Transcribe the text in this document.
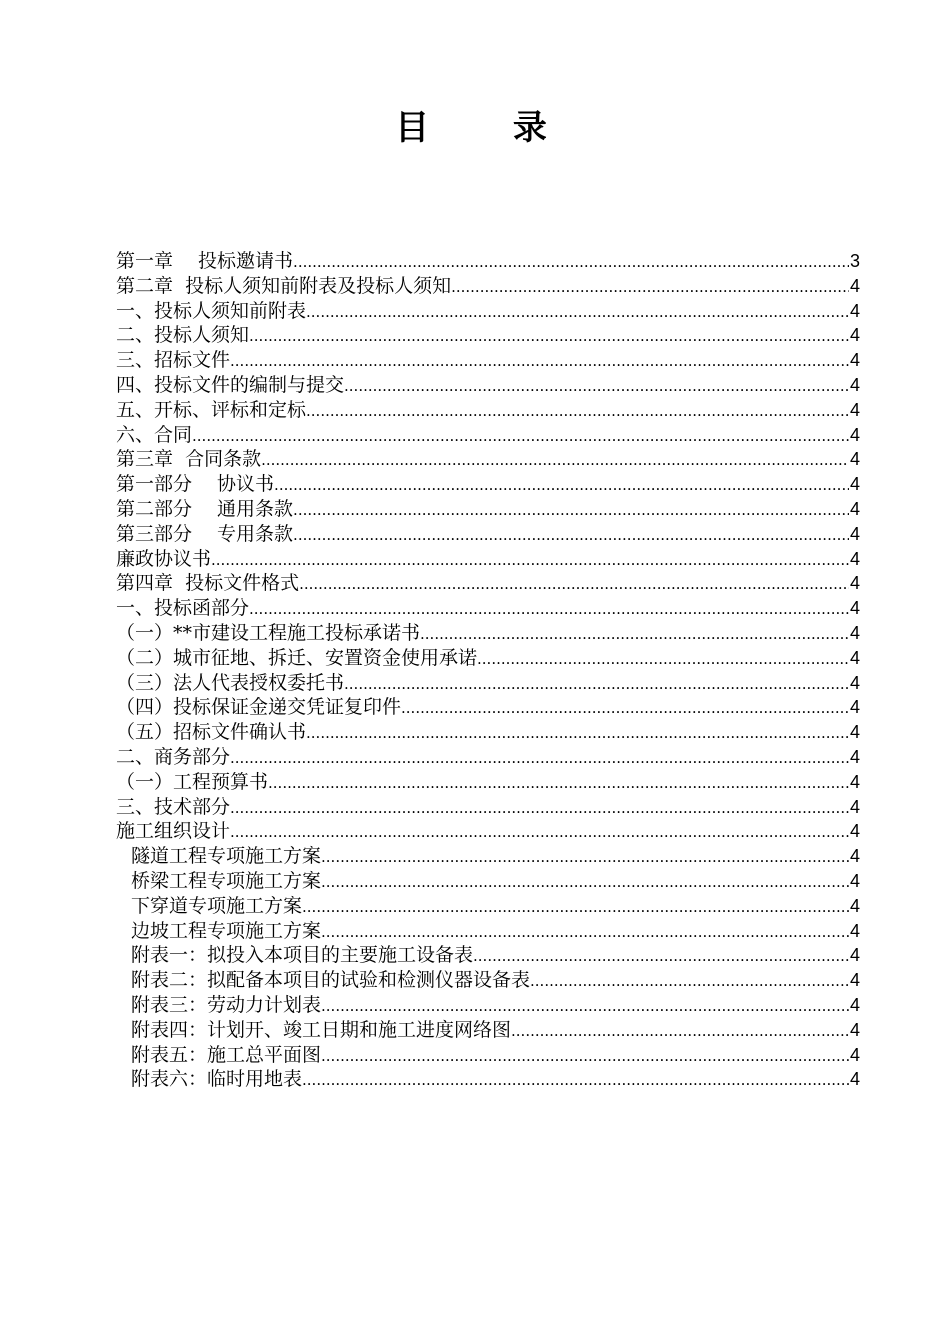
目 录
第一章　 投标邀请书 .....	3
第二章  投标人须知前附表及投标人须知 .....	4
一、投标人须知前附表 .....	4
二、投标人须知 .....	4
三、招标文件 .....	4
四、投标文件的编制与提交 .....	4
五、开标、评标和定标 .....	4
六、合同 .....	4
第三章  合同条款 .....	4
第一部分　 协议书 .....	4
第二部分　 通用条款 .....	4
第三部分　 专用条款 .....	4
廉政协议书 .....	4
第四章  投标文件格式 .....	4
一、投标函部分 .....	4
（一）**市建设工程施工投标承诺书 .....	4
（二）城市征地、拆迁、安置资金使用承诺 .....	4
（三）法人代表授权委托书 .....	4
（四）投标保证金递交凭证复印件 .....	4
（五）招标文件确认书 .....	4
二、商务部分 .....	4
（一）工程预算书 .....	4
三、技术部分 .....	4
施工组织设计 .....	4
隧道工程专项施工方案 .....	4
桥梁工程专项施工方案 .....	4
下穿道专项施工方案 .....	4
边坡工程专项施工方案 .....	4
附表一：拟投入本项目的主要施工设备表 .....	4
附表二：拟配备本项目的试验和检测仪器设备表 .....	4
附表三：劳动力计划表 .....	4
附表四：计划开、竣工日期和施工进度网络图 .....	4
附表五：施工总平面图 .....	4
附表六：临时用地表 .....	4
